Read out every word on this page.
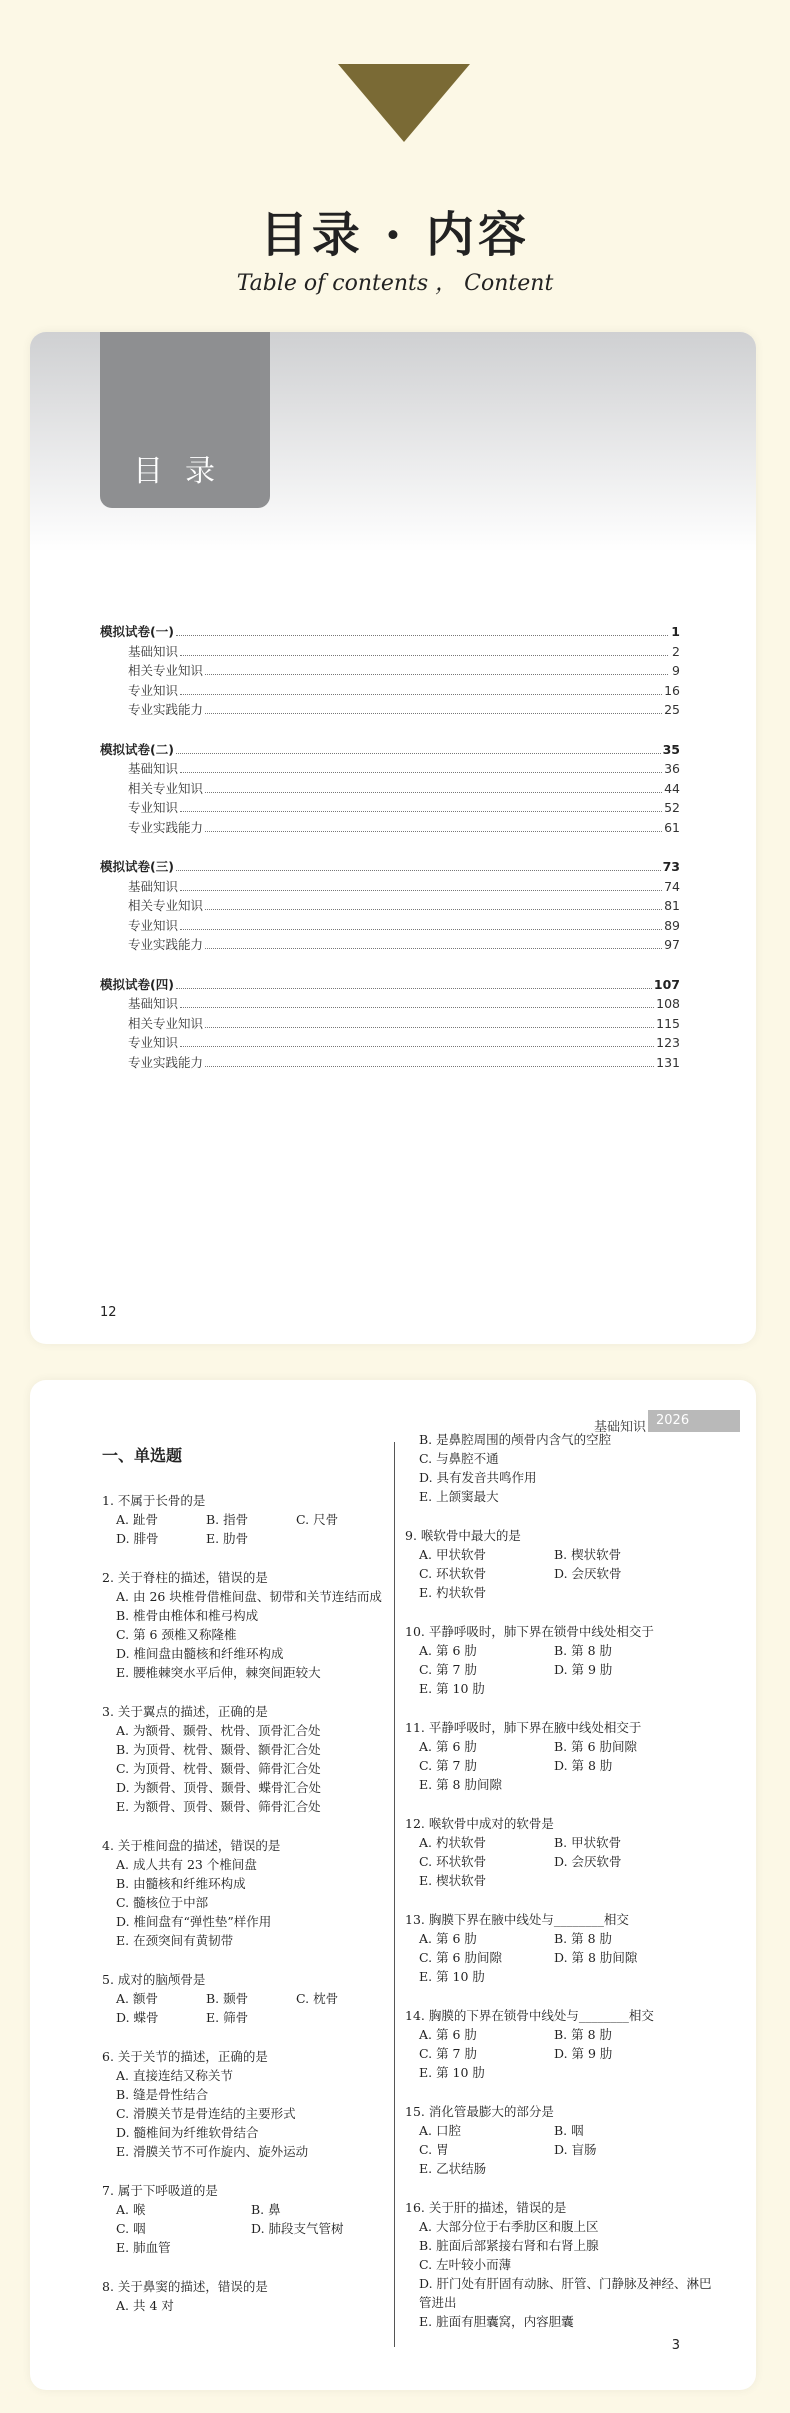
目录 · 内容
Table of contents ， Content
目录
模拟试卷(一)	1
基础知识	2
相关专业知识	9
专业知识	16
专业实践能力	25
模拟试卷(二)	35
基础知识	36
相关专业知识	44
专业知识	52
专业实践能力	61
模拟试卷(三)	73
基础知识	74
相关专业知识	81
专业知识	89
专业实践能力	97
模拟试卷(四)	107
基础知识	108
相关专业知识	115
专业知识	123
专业实践能力	131
12
基础知识 2026
一、单选题
1. 不属于长骨的是
A. 趾骨	B. 指骨	C. 尺骨
D. 腓骨	E. 肋骨
2. 关于脊柱的描述，错误的是
A. 由 26 块椎骨借椎间盘、韧带和关节连结而成
B. 椎骨由椎体和椎弓构成
C. 第 6 颈椎又称隆椎
D. 椎间盘由髓核和纤维环构成
E. 腰椎棘突水平后伸，棘突间距较大
3. 关于翼点的描述，正确的是
A. 为额骨、颞骨、枕骨、顶骨汇合处
B. 为顶骨、枕骨、颞骨、额骨汇合处
C. 为顶骨、枕骨、颞骨、筛骨汇合处
D. 为额骨、顶骨、颞骨、蝶骨汇合处
E. 为额骨、顶骨、颞骨、筛骨汇合处
4. 关于椎间盘的描述，错误的是
A. 成人共有 23 个椎间盘
B. 由髓核和纤维环构成
C. 髓核位于中部
D. 椎间盘有“弹性垫”样作用
E. 在颈突间有黄韧带
5. 成对的脑颅骨是
A. 额骨	B. 颞骨	C. 枕骨
D. 蝶骨	E. 筛骨
6. 关于关节的描述，正确的是
A. 直接连结又称关节
B. 缝是骨性结合
C. 滑膜关节是骨连结的主要形式
D. 髓椎间为纤维软骨结合
E. 滑膜关节不可作旋内、旋外运动
7. 属于下呼吸道的是
A. 喉	B. 鼻
C. 咽	D. 肺段支气管树
E. 肺血管
8. 关于鼻窦的描述，错误的是
A. 共 4 对
B. 是鼻腔周围的颅骨内含气的空腔
C. 与鼻腔不通
D. 具有发音共鸣作用
E. 上颌窦最大
9. 喉软骨中最大的是
A. 甲状软骨	B. 楔状软骨
C. 环状软骨	D. 会厌软骨
E. 杓状软骨
10. 平静呼吸时，肺下界在锁骨中线处相交于
A. 第 6 肋	B. 第 8 肋
C. 第 7 肋	D. 第 9 肋
E. 第 10 肋
11. 平静呼吸时，肺下界在腋中线处相交于
A. 第 6 肋	B. 第 6 肋间隙
C. 第 7 肋	D. 第 8 肋
E. 第 8 肋间隙
12. 喉软骨中成对的软骨是
A. 杓状软骨	B. 甲状软骨
C. 环状软骨	D. 会厌软骨
E. 楔状软骨
13. 胸膜下界在腋中线处与________相交
A. 第 6 肋	B. 第 8 肋
C. 第 6 肋间隙	D. 第 8 肋间隙
E. 第 10 肋
14. 胸膜的下界在锁骨中线处与________相交
A. 第 6 肋	B. 第 8 肋
C. 第 7 肋	D. 第 9 肋
E. 第 10 肋
15. 消化管最膨大的部分是
A. 口腔	B. 咽
C. 胃	D. 盲肠
E. 乙状结肠
16. 关于肝的描述，错误的是
A. 大部分位于右季肋区和腹上区
B. 脏面后部紧接右肾和右肾上腺
C. 左叶较小而薄
D. 肝门处有肝固有动脉、肝管、门静脉及神经、淋巴管进出
E. 脏面有胆囊窝，内容胆囊
3
